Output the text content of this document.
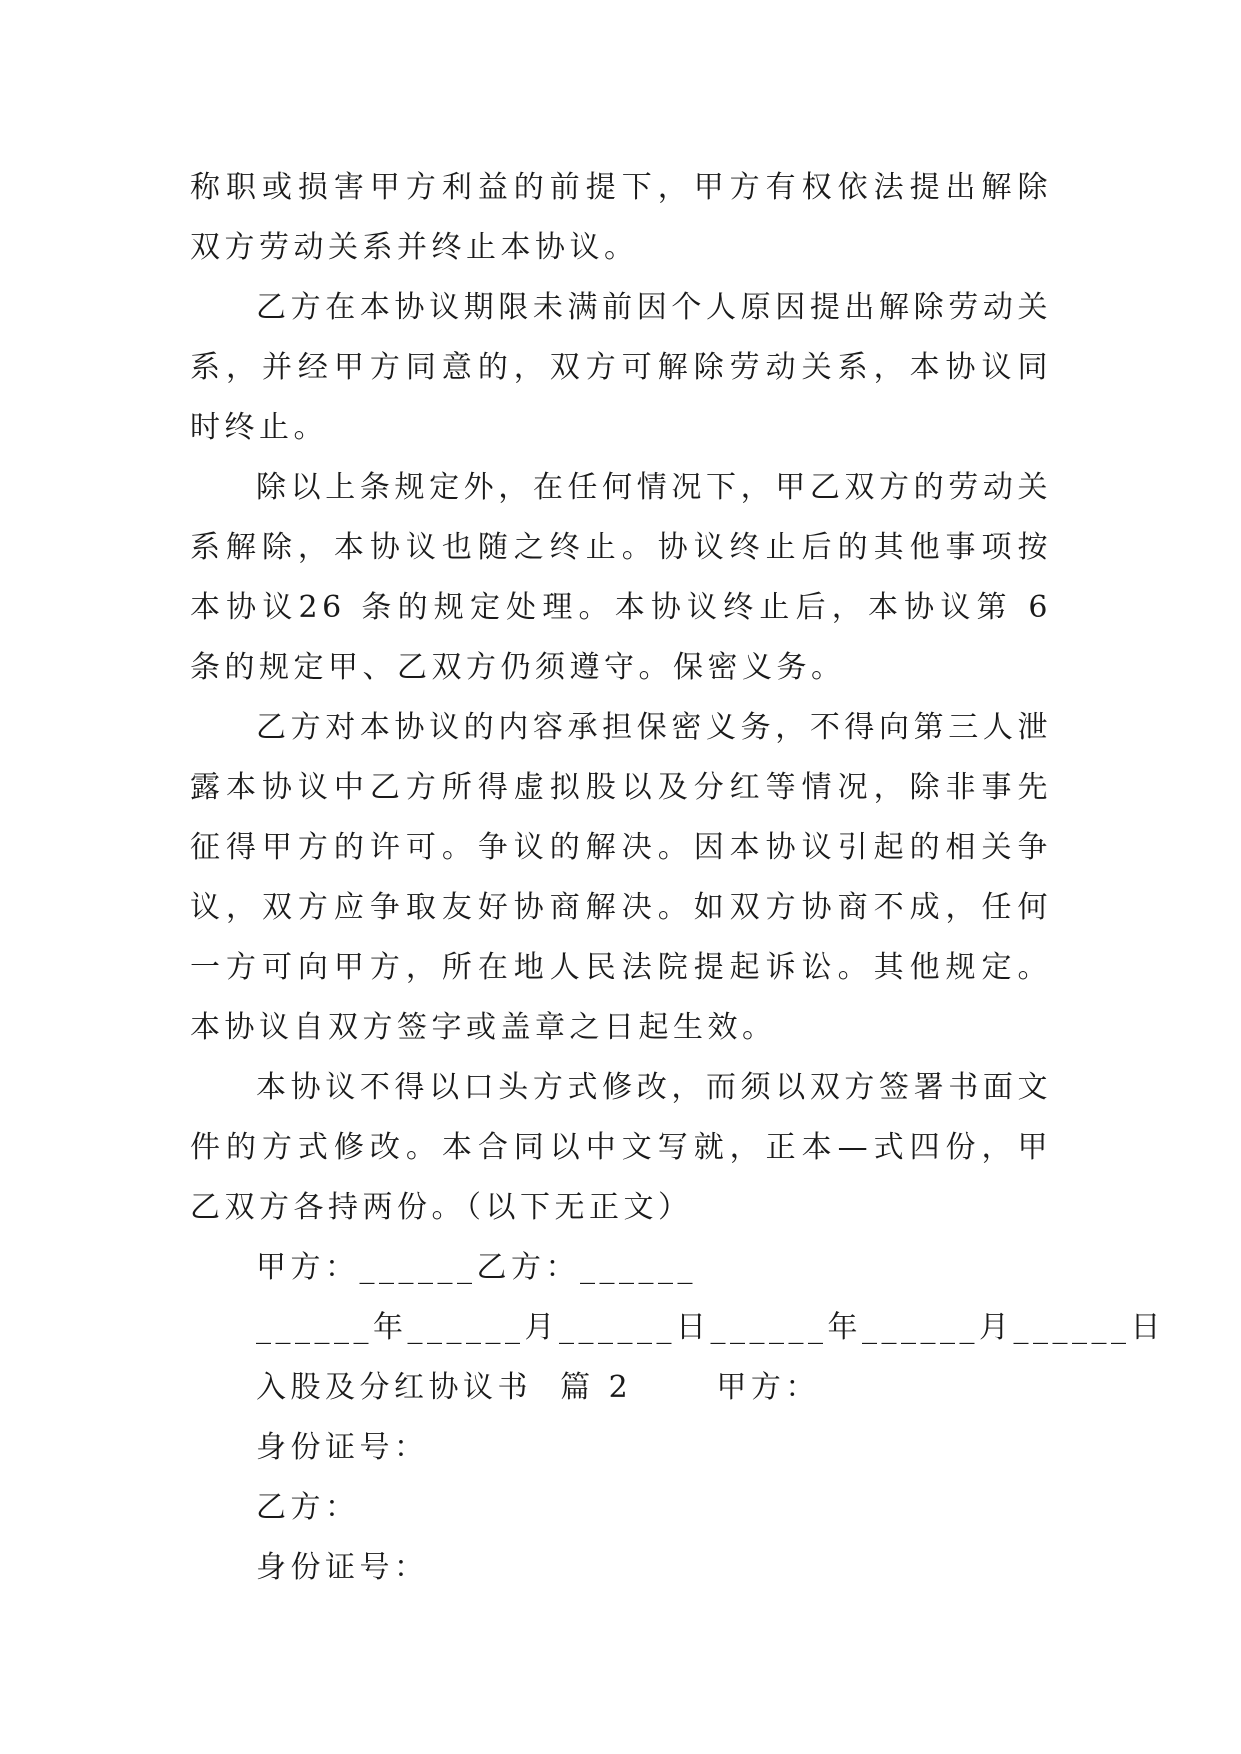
称职或损害甲方利益的前提下，甲方有权依法提出解除双方劳动关系并终止本协议。

乙方在本协议期限未满前因个人原因提出解除劳动关系，并经甲方同意的，双方可解除劳动关系，本协议同时终止。

除以上条规定外，在任何情况下，甲乙双方的劳动关系解除，本协议也随之终止。协议终止后的其他事项按本协议26 条的规定处理。本协议终止后，本协议第 6 条的规定甲、乙双方仍须遵守。保密义务。

乙方对本协议的内容承担保密义务，不得向第三人泄露本协议中乙方所得虚拟股以及分红等情况，除非事先征得甲方的许可。争议的解决。因本协议引起的相关争议，双方应争取友好协商解决。如双方协商不成，任何一方可向甲方，所在地人民法院提起诉讼。其他规定。本协议自双方签字或盖章之日起生效。

本协议不得以口头方式修改，而须以双方签署书面文件的方式修改。本合同以中文写就，正本—式四份，甲乙双方各持两份。（以下无正文）

甲方：______乙方：______

______年______月______日______年______月______日

入股及分红协议书  篇 2      甲方：

身份证号：

乙方：

身份证号：
